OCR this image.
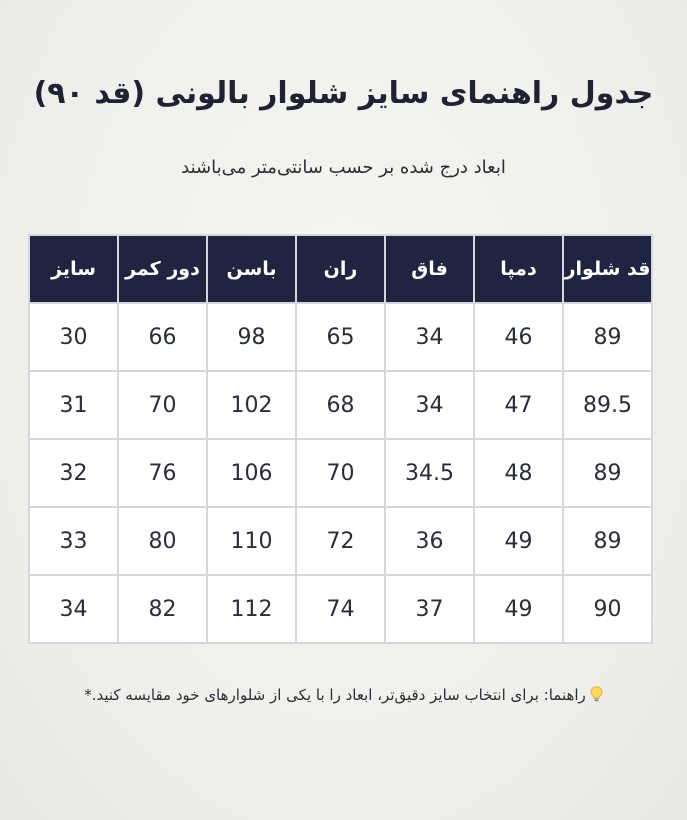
جدول راهنمای سایز شلوار بالونی (قد ۹۰)
ابعاد درج شده بر حسب سانتی‌متر می‌باشند
قد شلوار	دمپا	فاق	ران	باسن	دور کمر	سایز
89	46	34	65	98	66	30
89.5	47	34	68	102	70	31
89	48	34.5	70	106	76	32
89	49	36	72	110	80	33
90	49	37	74	112	82	34
راهنما: برای انتخاب سایز دقیق‌تر، ابعاد را با یکی از شلوارهای خود مقایسه کنید.*
